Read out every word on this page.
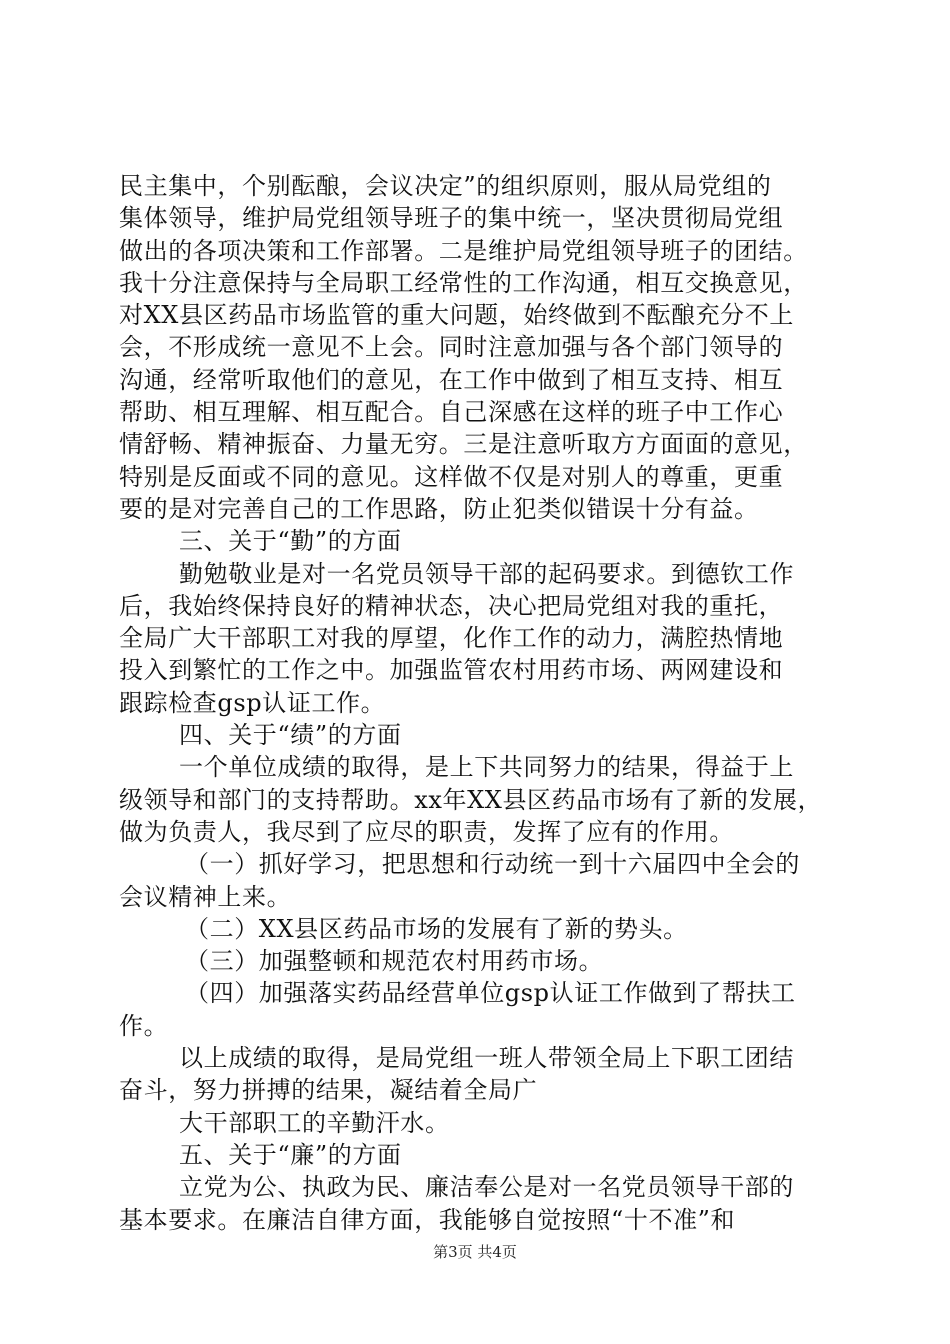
民主集中，个别酝酿，会议决定”的组织原则，服从局党组的
集体领导，维护局党组领导班子的集中统一，坚决贯彻局党组
做出的各项决策和工作部署。二是维护局党组领导班子的团结。
我十分注意保持与全局职工经常性的工作沟通，相互交换意见，
对XX县区药品市场监管的重大问题，始终做到不酝酿充分不上
会，不形成统一意见不上会。同时注意加强与各个部门领导的
沟通，经常听取他们的意见，在工作中做到了相互支持、相互
帮助、相互理解、相互配合。自己深感在这样的班子中工作心
情舒畅、精神振奋、力量无穷。三是注意听取方方面面的意见，
特别是反面或不同的意见。这样做不仅是对别人的尊重，更重
要的是对完善自己的工作思路，防止犯类似错误十分有益。
三、关于“勤”的方面
勤勉敬业是对一名党员领导干部的起码要求。到德钦工作
后，我始终保持良好的精神状态，决心把局党组对我的重托，
全局广大干部职工对我的厚望，化作工作的动力，满腔热情地
投入到繁忙的工作之中。加强监管农村用药市场、两网建设和
跟踪检查gsp认证工作。
四、关于“绩”的方面
一个单位成绩的取得，是上下共同努力的结果，得益于上
级领导和部门的支持帮助。xx年XX县区药品市场有了新的发展，
做为负责人，我尽到了应尽的职责，发挥了应有的作用。
（一）抓好学习，把思想和行动统一到十六届四中全会的
会议精神上来。
（二）XX县区药品市场的发展有了新的势头。
（三）加强整顿和规范农村用药市场。
（四）加强落实药品经营单位gsp认证工作做到了帮扶工
作。
以上成绩的取得，是局党组一班人带领全局上下职工团结
奋斗，努力拼搏的结果，凝结着全局广
大干部职工的辛勤汗水。
五、关于“廉”的方面
立党为公、执政为民、廉洁奉公是对一名党员领导干部的
基本要求。在廉洁自律方面，我能够自觉按照“十不准”和
第3页 共4页
